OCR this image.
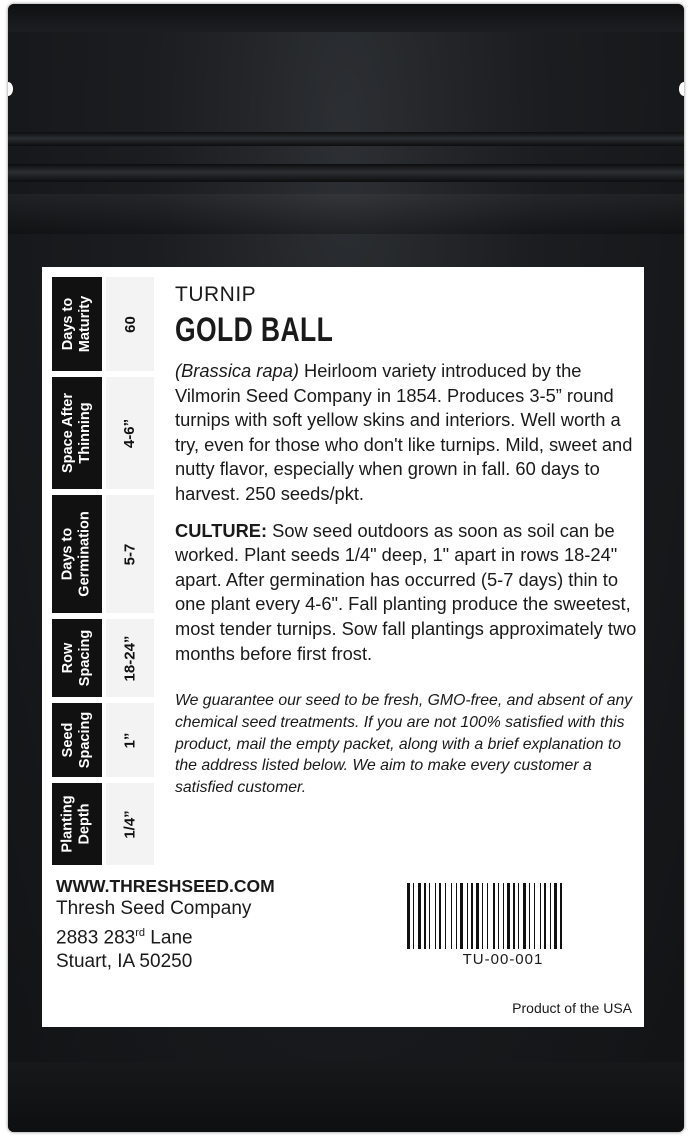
Days to
Maturity 60
Space After
Thinning 4-6”
Days to
Germination 5-7
Row
Spacing 18-24”
Seed
Spacing 1”
Planting
Depth 1/4”

TURNIP

GOLD BALL

(Brassica rapa) Heirloom variety introduced by the Vilmorin Seed Company in 1854. Produces 3-5” round turnips with soft yellow skins and interiors. Well worth a try, even for those who don't like turnips. Mild, sweet and nutty flavor, especially when grown in fall. 60 days to harvest. 250 seeds/pkt.

CULTURE: Sow seed outdoors as soon as soil can be worked. Plant seeds 1/4" deep, 1" apart in rows 18-24" apart. After germination has occurred (5-7 days) thin to one plant every 4-6". Fall planting produce the sweetest, most tender turnips. Sow fall plantings approximately two months before first frost.

We guarantee our seed to be fresh, GMO-free, and absent of any chemical seed treatments. If you are not 100% satisfied with this product, mail the empty packet, along with a brief explanation to the address listed below. We aim to make every customer a satisfied customer.

WWW.THRESHSEED.COM
Thresh Seed Company
2883 283rd Lane
Stuart, IA 50250	TU-00-001
Product of the USA
